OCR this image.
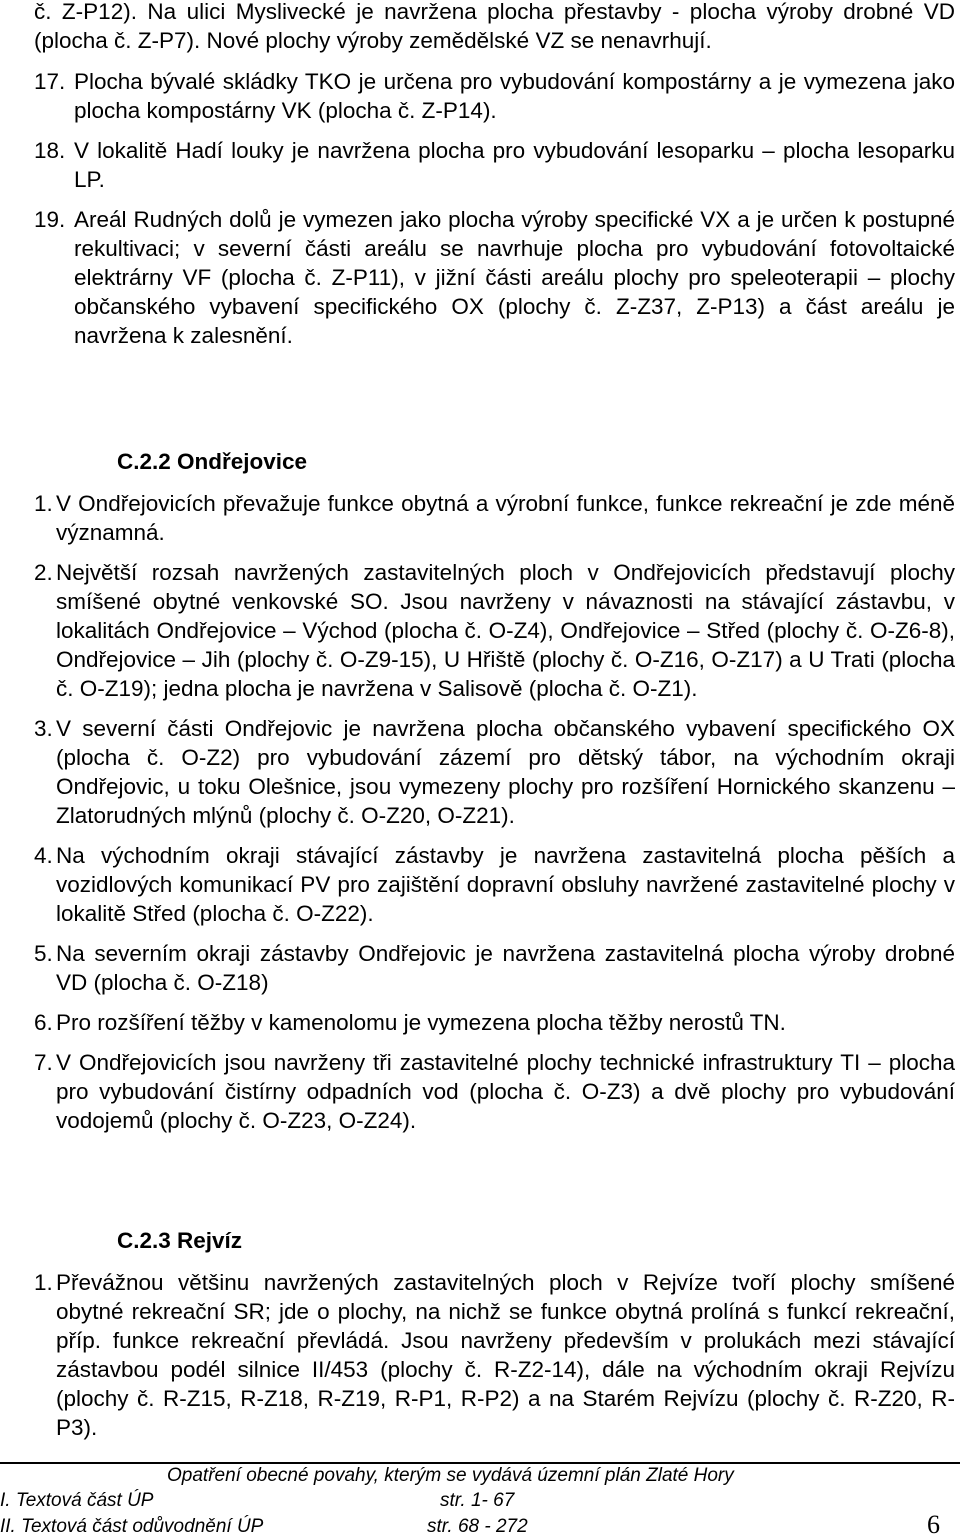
č. Z-P12). Na ulici Myslivecké je navržena plocha přestavby - plocha výroby drobné VD (plocha č. Z-P7). Nové plochy výroby zemědělské VZ se nenavrhují.
17. Plocha bývalé skládky TKO je určena pro vybudování kompostárny a je vymezena jako plocha kompostárny VK (plocha č. Z-P14).
18. V lokalitě Hadí louky je navržena plocha pro vybudování lesoparku – plocha lesoparku LP.
19. Areál Rudných dolů je vymezen jako plocha výroby specifické VX a je určen k postupné rekultivaci; v severní části areálu se navrhuje plocha pro vybudování fotovoltaické elektrárny VF (plocha č. Z-P11), v jižní části areálu plochy pro speleoterapii – plochy občanského vybavení specifického OX (plochy č. Z-Z37, Z-P13) a část areálu je navržena k zalesnění.
C.2.2 Ondřejovice
1. V Ondřejovicích převažuje funkce obytná a výrobní funkce, funkce rekreační je zde méně významná.
2. Největší rozsah navržených zastavitelných ploch v Ondřejovicích představují plochy smíšené obytné venkovské SO. Jsou navrženy v návaznosti na stávající zástavbu, v lokalitách Ondřejovice – Východ (plocha č. O-Z4), Ondřejovice – Střed (plochy č. O-Z6-8), Ondřejovice – Jih (plochy č. O-Z9-15), U Hřiště (plochy č. O-Z16, O-Z17) a U Trati (plocha č. O-Z19); jedna plocha je navržena v Salisově (plocha č. O-Z1).
3. V severní části Ondřejovic je navržena plocha občanského vybavení specifického OX (plocha č. O-Z2) pro vybudování zázemí pro dětský tábor, na východním okraji Ondřejovic, u toku Olešnice, jsou vymezeny plochy pro rozšíření Hornického skanzenu – Zlatorudných mlýnů (plochy č. O-Z20, O-Z21).
4. Na východním okraji stávající zástavby je navržena zastavitelná plocha pěších a vozidlových komunikací PV pro zajištění dopravní obsluhy navržené zastavitelné plochy v lokalitě Střed (plocha č. O-Z22).
5. Na severním okraji zástavby Ondřejovic je navržena zastavitelná plocha výroby drobné VD (plocha č. O-Z18)
6. Pro rozšíření těžby v kamenolomu je vymezena plocha těžby nerostů TN.
7. V Ondřejovicích jsou navrženy tři zastavitelné plochy technické infrastruktury TI – plocha pro vybudování čistírny odpadních vod (plocha č. O-Z3) a dvě plochy pro vybudování vodojemů (plochy č. O-Z23, O-Z24).
C.2.3 Rejvíz
1. Převážnou většinu navržených zastavitelných ploch v Rejvíze tvoří plochy smíšené obytné rekreační SR; jde o plochy, na nichž se funkce obytná prolíná s funkcí rekreační, příp. funkce rekreační převládá. Jsou navrženy především v prolukách mezi stávající zástavbou podél silnice II/453 (plochy č. R-Z2-14), dále na východním okraji Rejvízu (plochy č. R-Z15, R-Z18, R-Z19, R-P1, R-P2) a na Starém Rejvízu (plochy č. R-Z20, R-P3).
Opatření obecné povahy, kterým se vydává územní plán Zlaté Hory
I. Textová část ÚP	str. 1- 67
II. Textová část odůvodnění ÚP	str. 68 - 272	6
